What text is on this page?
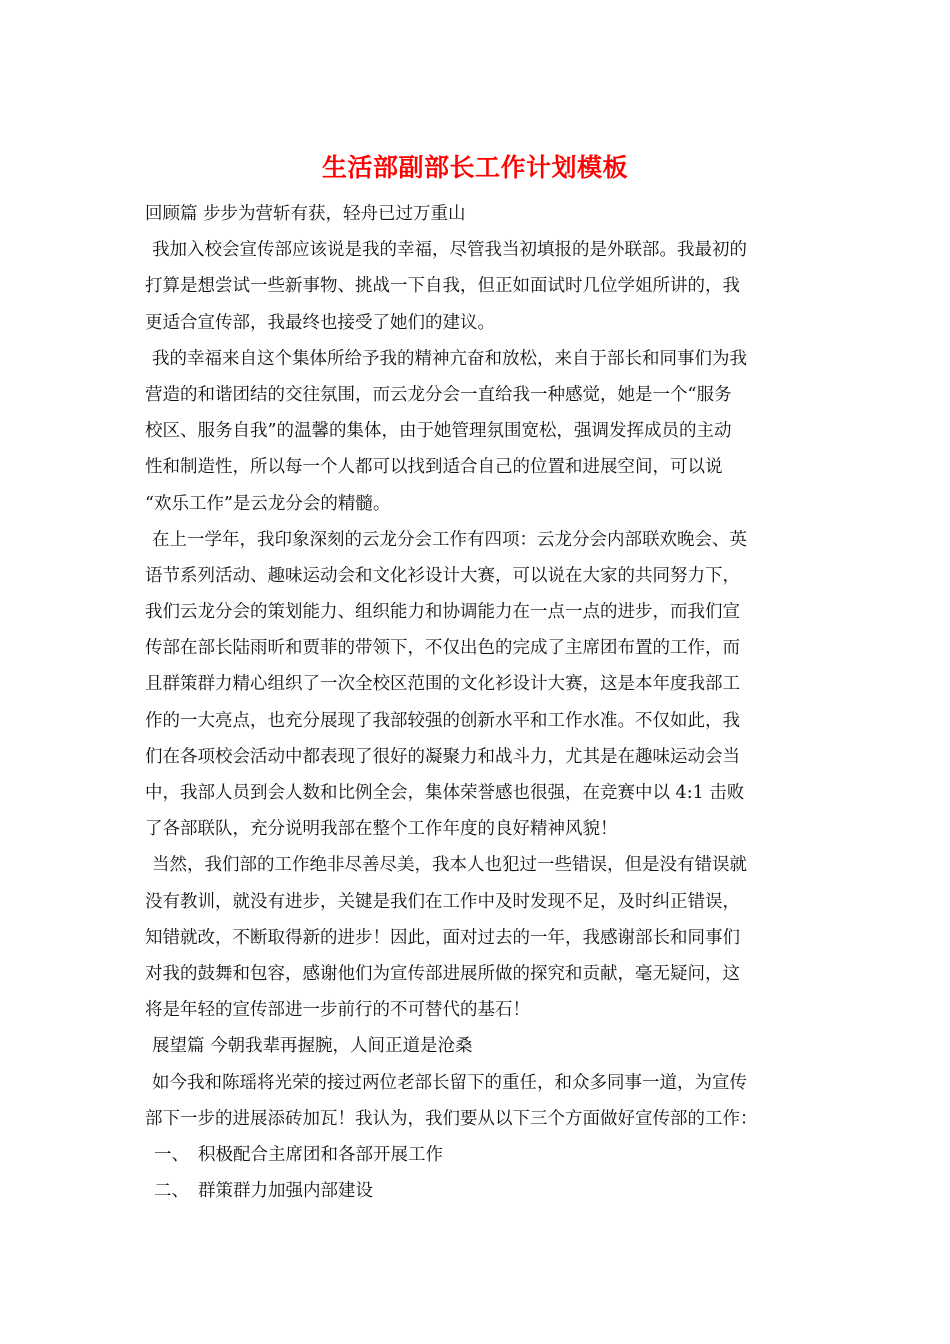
生活部副部长工作计划模板
回顾篇 步步为营斩有获，轻舟已过万重山
我加入校会宣传部应该说是我的幸福，尽管我当初填报的是外联部。我最初的
打算是想尝试一些新事物、挑战一下自我，但正如面试时几位学姐所讲的，我
更适合宣传部，我最终也接受了她们的建议。
我的幸福来自这个集体所给予我的精神亢奋和放松，来自于部长和同事们为我
营造的和谐团结的交往氛围，而云龙分会一直给我一种感觉，她是一个“服务
校区、服务自我”的温馨的集体，由于她管理氛围宽松，强调发挥成员的主动
性和制造性，所以每一个人都可以找到适合自己的位置和进展空间，可以说
“欢乐工作”是云龙分会的精髓。
在上一学年，我印象深刻的云龙分会工作有四项：云龙分会内部联欢晚会、英
语节系列活动、趣味运动会和文化衫设计大赛，可以说在大家的共同努力下，
我们云龙分会的策划能力、组织能力和协调能力在一点一点的进步，而我们宣
传部在部长陆雨昕和贾菲的带领下，不仅出色的完成了主席团布置的工作，而
且群策群力精心组织了一次全校区范围的文化衫设计大赛，这是本年度我部工
作的一大亮点，也充分展现了我部较强的创新水平和工作水准。不仅如此，我
们在各项校会活动中都表现了很好的凝聚力和战斗力，尤其是在趣味运动会当
中，我部人员到会人数和比例全会，集体荣誉感也很强，在竞赛中以 4:1 击败
了各部联队，充分说明我部在整个工作年度的良好精神风貌！
当然，我们部的工作绝非尽善尽美，我本人也犯过一些错误，但是没有错误就
没有教训，就没有进步，关键是我们在工作中及时发现不足，及时纠正错误，
知错就改，不断取得新的进步！因此，面对过去的一年，我感谢部长和同事们
对我的鼓舞和包容，感谢他们为宣传部进展所做的探究和贡献，毫无疑问，这
将是年轻的宣传部进一步前行的不可替代的基石！
展望篇 今朝我辈再握腕，人间正道是沧桑
如今我和陈瑶将光荣的接过两位老部长留下的重任，和众多同事一道，为宣传
部下一步的进展添砖加瓦！我认为，我们要从以下三个方面做好宣传部的工作：
一、 积极配合主席团和各部开展工作
二、 群策群力加强内部建设
